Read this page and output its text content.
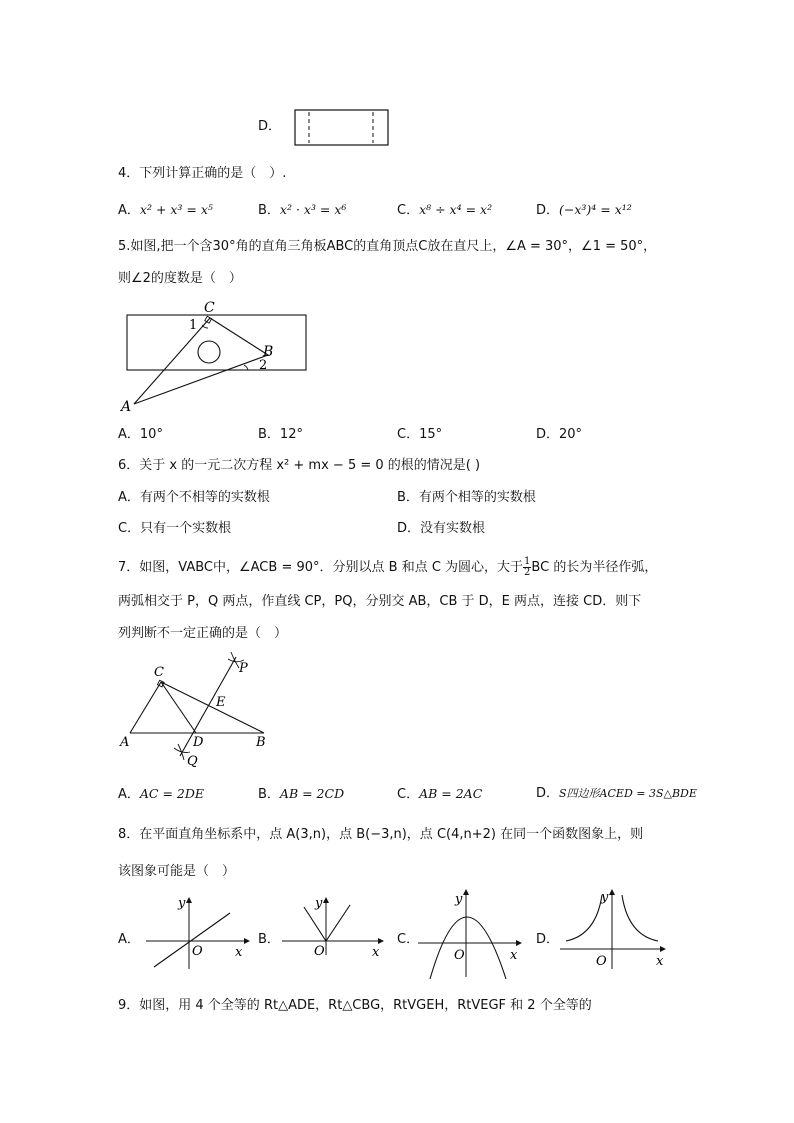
D．
4．下列计算正确的是（　）.
A．x² + x³ = x⁵	B．x² · x³ = x⁶	C．x⁸ ÷ x⁴ = x²	D．(−x³)⁴ = x¹²
5.如图,把一个含30°角的直角三角板ABC的直角顶点C放在直尺上，∠A = 30°，∠1 = 50°，
则∠2的度数是（　）
C
B
A
1
2
A．10°	B．12°	C．15°	D．20°
6．关于 x 的一元二次方程 x² + mx − 5 = 0 的根的情况是( )
A．有两个不相等的实数根	B．有两个相等的实数根
C．只有一个实数根	D．没有实数根
7．如图，VABC中，∠ACB = 90°．分别以点 B 和点 C 为圆心，大于 $\frac{1}{2}$ BC 的长为半径作弧，
两弧相交于 P，Q 两点，作直线 CP，PQ，分别交 AB，CB 于 D，E 两点，连接 CD．则下
列判断不一定正确的是（　）
C	P
E
A	D	B
Q
A．AC = 2DE	B．AB = 2CD	C．AB = 2AC	D．S四边形ACED = 3S△BDE
8．在平面直角坐标系中，点 A(3,n)，点 B(−3,n)，点 C(4,n+2) 在同一个函数图象上，则
该图象可能是（　）
A．
y
x
O
B．
y
x
O
C．
y
x
O
D．
y
x
O
9．如图，用 4 个全等的 Rt△ADE，Rt△CBG，RtVGEH，RtVEGF 和 2 个全等的
